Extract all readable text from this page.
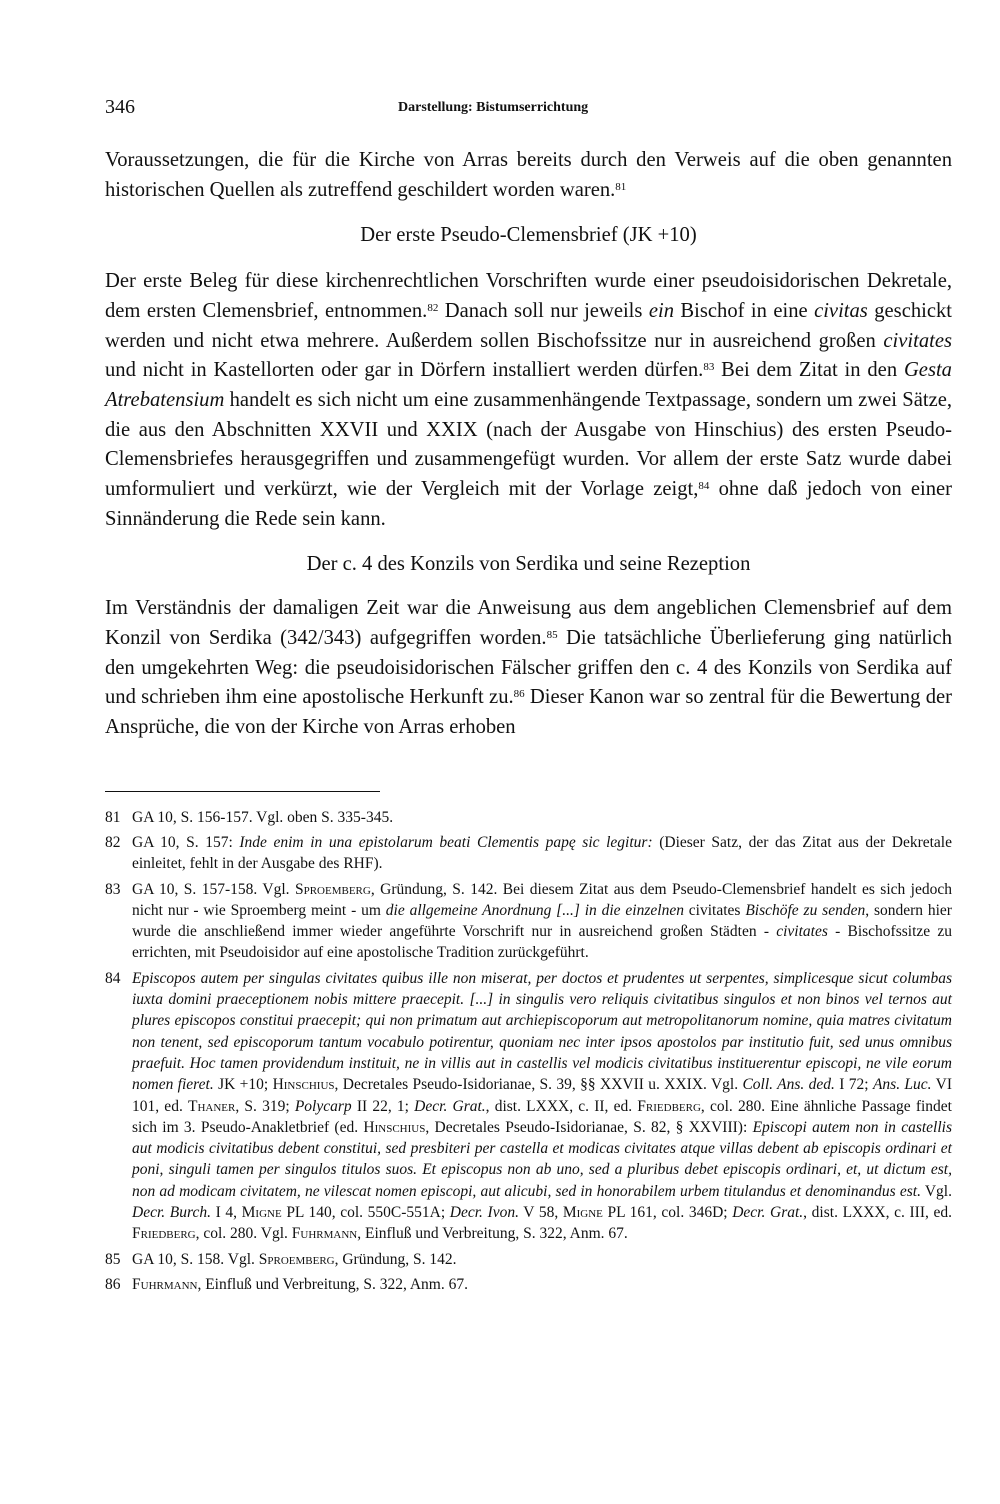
346	Darstellung: Bistumserrichtung

Voraussetzungen, die für die Kirche von Arras bereits durch den Verweis auf die oben genannten historischen Quellen als zutreffend geschildert worden waren.$^{81}$

Der erste Pseudo-Clemensbrief (JK +10)

Der erste Beleg für diese kirchenrechtlichen Vorschriften wurde einer pseudoisidorischen Dekretale, dem ersten Clemensbrief, entnommen.$^{82}$ Danach soll nur jeweils ein Bischof in eine civitas geschickt werden und nicht etwa mehrere. Außerdem sollen Bischofssitze nur in ausreichend großen civitates und nicht in Kastellorten oder gar in Dörfern installiert werden dürfen.$^{83}$ Bei dem Zitat in den Gesta Atrebatensium handelt es sich nicht um eine zusammenhängende Textpassage, sondern um zwei Sätze, die aus den Abschnitten XXVII und XXIX (nach der Ausgabe von Hinschius) des ersten Pseudo-Clemensbriefes herausgegriffen und zusammengefügt wurden. Vor allem der erste Satz wurde dabei umformuliert und verkürzt, wie der Vergleich mit der Vorlage zeigt,$^{84}$ ohne daß jedoch von einer Sinnänderung die Rede sein kann.

Der c. 4 des Konzils von Serdika und seine Rezeption

Im Verständnis der damaligen Zeit war die Anweisung aus dem angeblichen Clemensbrief auf dem Konzil von Serdika (342/343) aufgegriffen worden.$^{85}$ Die tatsächliche Überlieferung ging natürlich den umgekehrten Weg: die pseudoisidorischen Fälscher griffen den c. 4 des Konzils von Serdika auf und schrieben ihm eine apostolische Herkunft zu.$^{86}$ Dieser Kanon war so zentral für die Bewertung der Ansprüche, die von der Kirche von Arras erhoben

81 GA 10, S. 156-157. Vgl. oben S. 335-345.
82 GA 10, S. 157: Inde enim in una epistolarum beati Clementis papę sic legitur: (Dieser Satz, der das Zitat aus der Dekretale einleitet, fehlt in der Ausgabe des RHF).
83 GA 10, S. 157-158. Vgl. Sproemberg, Gründung, S. 142. Bei diesem Zitat aus dem Pseudo-Clemensbrief handelt es sich jedoch nicht nur - wie Sproemberg meint - um die allgemeine Anordnung [...] in die einzelnen civitates Bischöfe zu senden, sondern hier wurde die anschließend immer wieder angeführte Vorschrift nur in ausreichend großen Städten - civitates - Bischofssitze zu errichten, mit Pseudoisidor auf eine apostolische Tradition zurückgeführt.
84 Episcopos autem per singulas civitates quibus ille non miserat, per doctos et prudentes ut serpentes, simplicesque sicut columbas iuxta domini praeceptionem nobis mittere praecepit. [...] in singulis vero reliquis civitatibus singulos et non binos vel ternos aut plures episcopos constitui praecepit; qui non primatum aut archiepiscoporum aut metropolitanorum nomine, quia matres civitatum non tenent, sed episcoporum tantum vocabulo potirentur, quoniam nec inter ipsos apostolos par institutio fuit, sed unus omnibus praefuit. Hoc tamen providendum instituit, ne in villis aut in castellis vel modicis civitatibus instituerentur episcopi, ne vile eorum nomen fieret. JK +10; Hinschius, Decretales Pseudo-Isidorianae, S. 39, §§ XXVII u. XXIX. Vgl. Coll. Ans. ded. I 72; Ans. Luc. VI 101, ed. Thaner, S. 319; Polycarp II 22, 1; Decr. Grat., dist. LXXX, c. II, ed. Friedberg, col. 280. Eine ähnliche Passage findet sich im 3. Pseudo-Anakletbrief (ed. Hinschius, Decretales Pseudo-Isidorianae, S. 82, § XXVIII): Episcopi autem non in castellis aut modicis civitatibus debent constitui, sed presbiteri per castella et modicas civitates atque villas debent ab episcopis ordinari et poni, singuli tamen per singulos titulos suos. Et episcopus non ab uno, sed a pluribus debet episcopis ordinari, et, ut dictum est, non ad modicam civitatem, ne vilescat nomen episcopi, aut alicubi, sed in honorabilem urbem titulandus et denominandus est. Vgl. Decr. Burch. I 4, Migne PL 140, col. 550C-551A; Decr. Ivon. V 58, Migne PL 161, col. 346D; Decr. Grat., dist. LXXX, c. III, ed. Friedberg, col. 280. Vgl. Fuhrmann, Einfluß und Verbreitung, S. 322, Anm. 67.
85 GA 10, S. 158. Vgl. Sproemberg, Gründung, S. 142.
86 Fuhrmann, Einfluß und Verbreitung, S. 322, Anm. 67.
